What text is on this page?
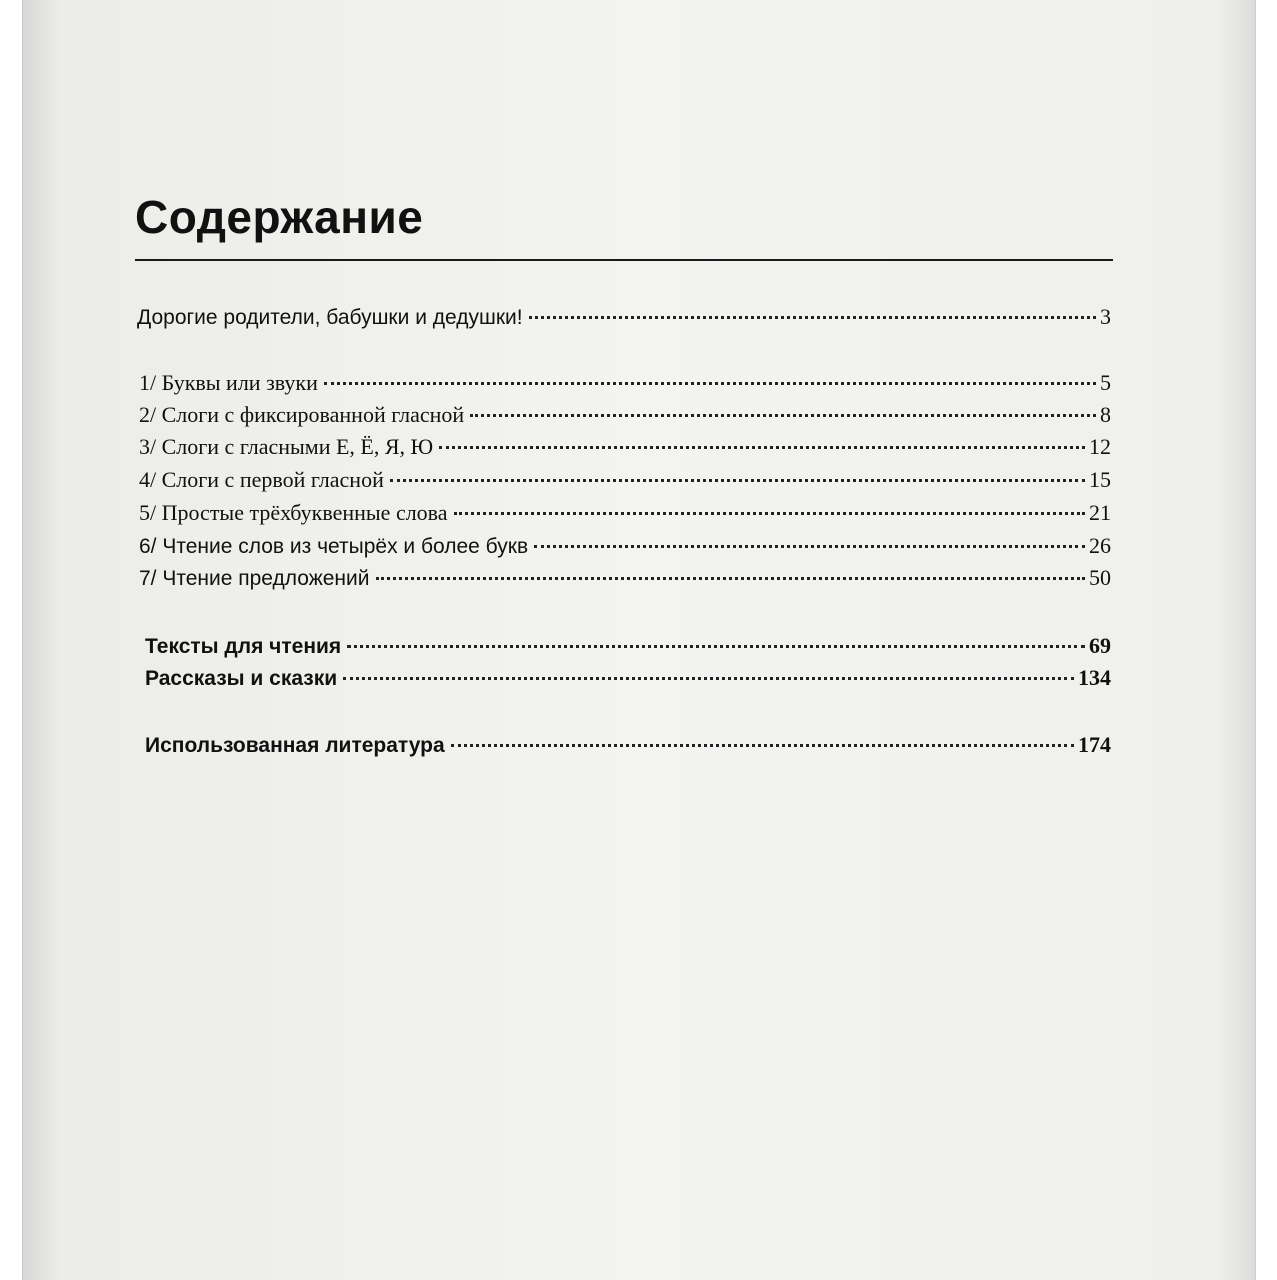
Содержание
Дорогие родители, бабушки и дедушки!	3
1/ Буквы или звуки	5
2/ Слоги с фиксированной гласной	8
3/ Слоги с гласными Е, Ё, Я, Ю	12
4/ Слоги с первой гласной	15
5/ Простые трёхбуквенные слова	21
6/ Чтение слов из четырёх и более букв	26
7/ Чтение предложений	50
Тексты для чтения	69
Рассказы и сказки	134
Использованная литература	174
